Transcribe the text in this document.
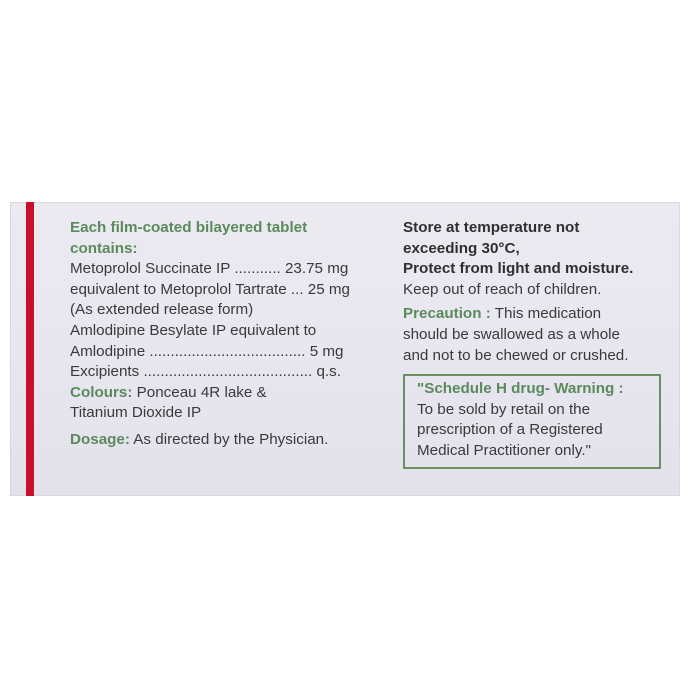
Each film-coated bilayered tablet
contains:
Metoprolol Succinate IP ........... 23.75 mg
equivalent to Metoprolol Tartrate ... 25 mg
(As extended release form)
Amlodipine Besylate IP equivalent to
Amlodipine ..................................... 5 mg
Excipients ........................................ q.s.
Colours: Ponceau 4R lake &
Titanium Dioxide IP
Dosage: As directed by the Physician.
Store at temperature not
exceeding 30°C,
Protect from light and moisture.
Keep out of reach of children.
Precaution : This medication
should be swallowed as a whole
and not to be chewed or crushed.
"Schedule H drug- Warning :
To be sold by retail on the
prescription of a Registered
Medical Practitioner only."
